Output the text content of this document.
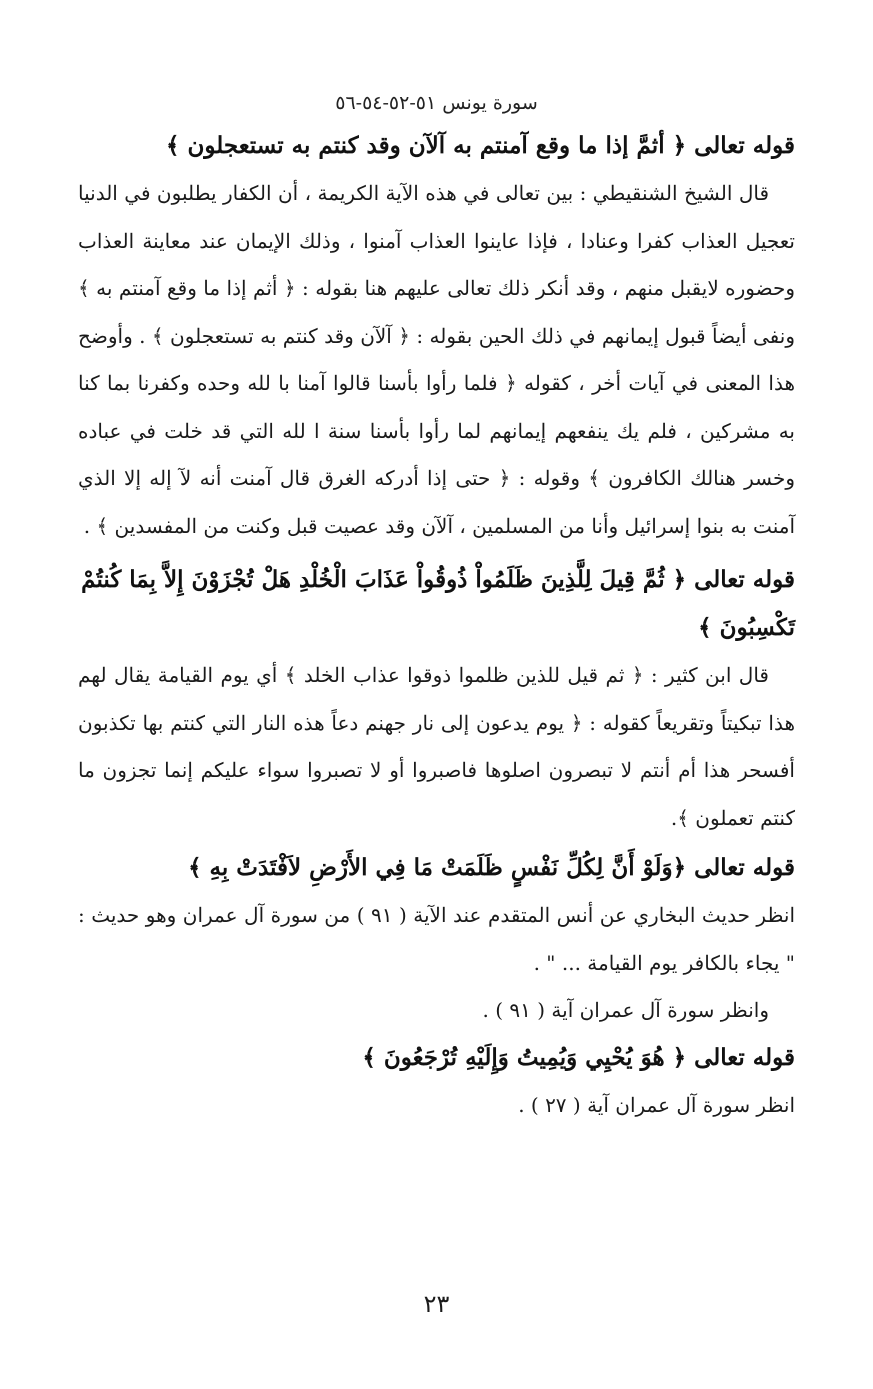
سورة يونس ٥١-٥٢-٥٤-٥٦

قوله تعالى ﴿ أثمَّ إذا ما وقع آمنتم به آلآن وقد كنتم به تستعجلون ﴾

قال الشيخ الشنقيطي : بين تعالى في هذه الآية الكريمة ، أن الكفار يطلبون في الدنيا تعجيل العذاب كفرا وعنادا ، فإذا عاينوا العذاب آمنوا ، وذلك الإيمان عند معاينة العذاب وحضوره لايقبل منهم ، وقد أنكر ذلك تعالى عليهم هنا بقوله : ﴿ أثم إذا ما وقع آمنتم به ﴾ ونفى أيضاً قبول إيمانهم في ذلك الحين بقوله : ﴿ آلآن وقد كنتم به تستعجلون ﴾ . وأوضح هذا المعنى في آيات أخر ، كقوله ﴿ فلما رأوا بأسنا قالوا آمنا با لله وحده وكفرنا بما كنا به مشركين ، فلم يك ينفعهم إيمانهم لما رأوا بأسنا سنة ا لله التي قد خلت في عباده وخسر هنالك الكافرون ﴾ وقوله : ﴿ حتى إذا أدركه الغرق قال آمنت أنه لآ إله إلا الذي آمنت به بنوا إسرائيل وأنا من المسلمين ، آلآن وقد عصيت قبل وكنت من المفسدين ﴾ .

قوله تعالى ﴿ ثُمَّ قِيلَ لِلَّذِينَ ظَلَمُواْ ذُوقُواْ عَذَابَ الْخُلْدِ هَلْ تُجْزَوْنَ إِلاَّ بِمَا كُنتُمْ تَكْسِبُونَ ﴾

قال ابن كثير : ﴿ ثم قيل للذين ظلموا ذوقوا عذاب الخلد ﴾ أي يوم القيامة يقال لهم هذا تبكيتاً وتقريعاً كقوله : ﴿ يوم يدعون إلى نار جهنم دعاً هذه النار التي كنتم بها تكذبون أفسحر هذا أم أنتم لا تبصرون اصلوها فاصبروا أو لا تصبروا سواء عليكم إنما تجزون ما كنتم تعملون ﴾.

قوله تعالى ﴿وَلَوْ أَنَّ لِكُلِّ نَفْسٍ ظَلَمَتْ مَا فِي الأَرْضِ لاَفْتَدَتْ بِهِ ﴾

انظر حديث البخاري عن أنس المتقدم عند الآية ( ٩١ ) من سورة آل عمران وهو حديث : " يجاء بالكافر يوم القيامة ... " .

وانظر سورة آل عمران آية ( ٩١ ) .

قوله تعالى ﴿ هُوَ يُحْيِي وَيُمِيتُ وَإِلَيْهِ تُرْجَعُونَ ﴾

انظر سورة آل عمران آية ( ٢٧ ) .

٢٣
